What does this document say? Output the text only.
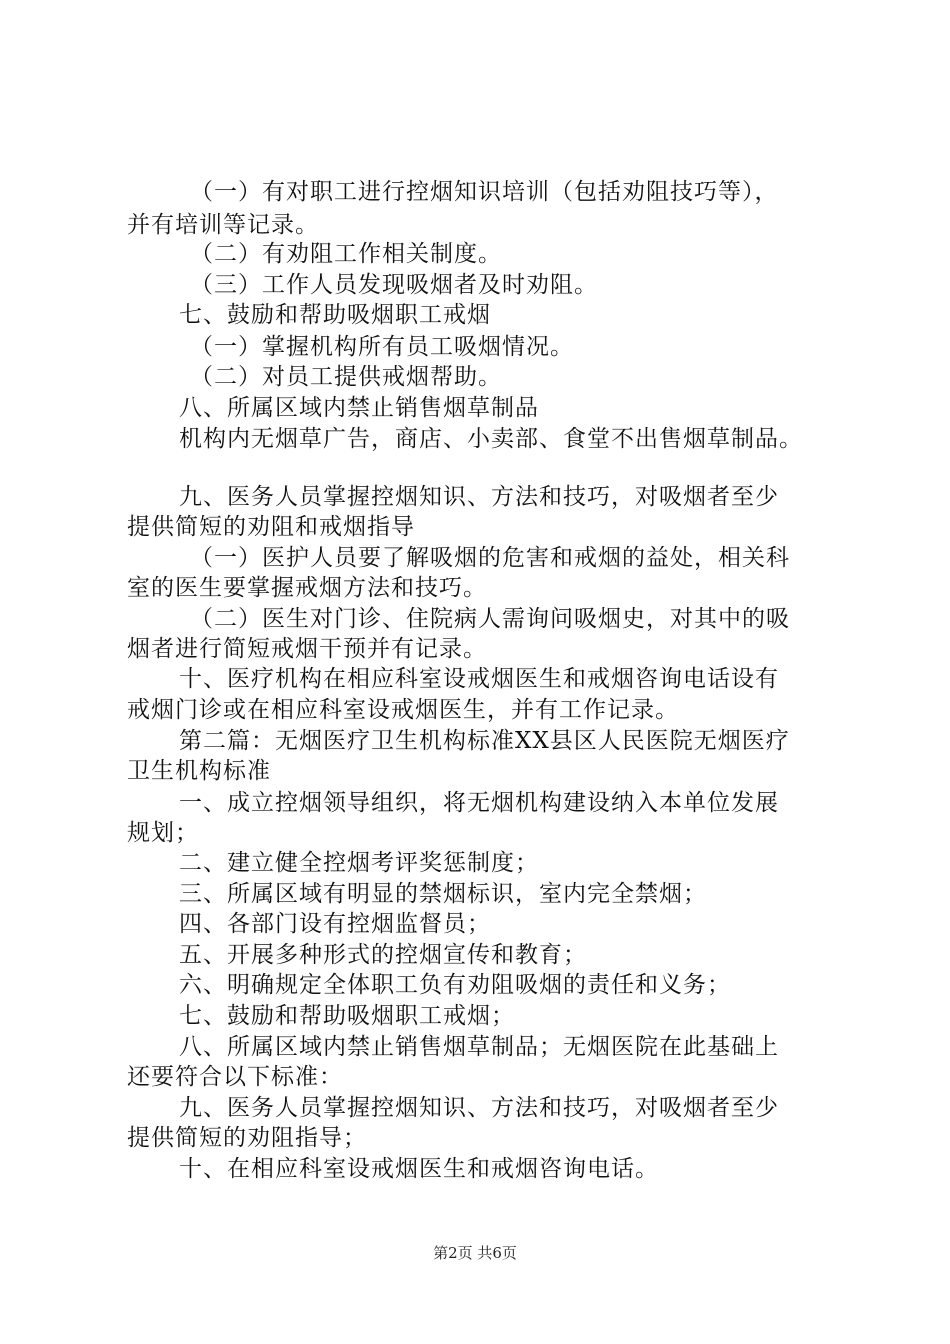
（一）有对职工进行控烟知识培训（包括劝阻技巧等），
并有培训等记录。
（二）有劝阻工作相关制度。
（三）工作人员发现吸烟者及时劝阻。
七、鼓励和帮助吸烟职工戒烟
（一）掌握机构所有员工吸烟情况。
（二）对员工提供戒烟帮助。
八、所属区域内禁止销售烟草制品
机构内无烟草广告，商店、小卖部、食堂不出售烟草制品。
九、医务人员掌握控烟知识、方法和技巧，对吸烟者至少
提供简短的劝阻和戒烟指导
（一）医护人员要了解吸烟的危害和戒烟的益处，相关科
室的医生要掌握戒烟方法和技巧。
（二）医生对门诊、住院病人需询问吸烟史，对其中的吸
烟者进行简短戒烟干预并有记录。
十、医疗机构在相应科室设戒烟医生和戒烟咨询电话设有
戒烟门诊或在相应科室设戒烟医生，并有工作记录。
第二篇：无烟医疗卫生机构标准XX县区人民医院无烟医疗
卫生机构标准
一、成立控烟领导组织，将无烟机构建设纳入本单位发展
规划；
二、建立健全控烟考评奖惩制度；
三、所属区域有明显的禁烟标识，室内完全禁烟；
四、各部门设有控烟监督员；
五、开展多种形式的控烟宣传和教育；
六、明确规定全体职工负有劝阻吸烟的责任和义务；
七、鼓励和帮助吸烟职工戒烟；
八、所属区域内禁止销售烟草制品；无烟医院在此基础上
还要符合以下标准：
九、医务人员掌握控烟知识、方法和技巧，对吸烟者至少
提供简短的劝阻指导；
十、在相应科室设戒烟医生和戒烟咨询电话。
第2页 共6页
